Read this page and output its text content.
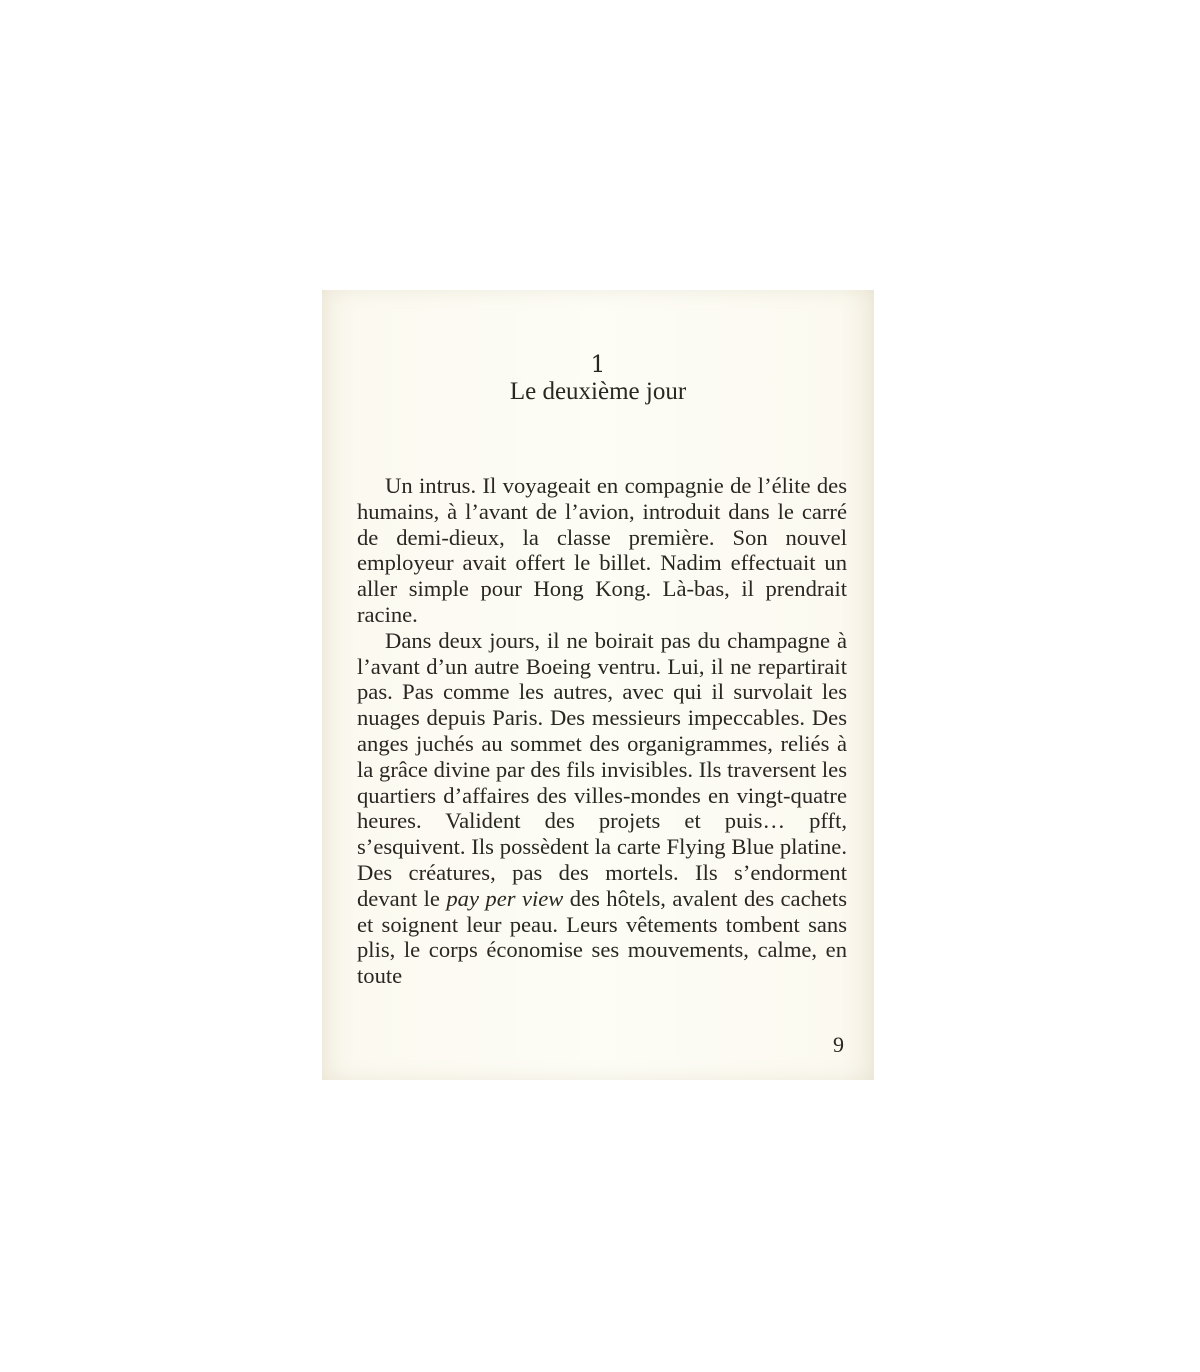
1
Le deuxième jour

Un intrus. Il voyageait en compagnie de l’élite des humains, à l’avant de l’avion, introduit dans le carré de demi-dieux, la classe première. Son nouvel employeur avait offert le billet. Nadim effectuait un aller simple pour Hong Kong. Là-bas, il prendrait racine.

Dans deux jours, il ne boirait pas du champagne à l’avant d’un autre Boeing ventru. Lui, il ne repartirait pas. Pas comme les autres, avec qui il survolait les nuages depuis Paris. Des messieurs impeccables. Des anges juchés au sommet des organigrammes, reliés à la grâce divine par des fils invisibles. Ils traversent les quartiers d’affaires des villes-mondes en vingt-quatre heures. Valident des projets et puis… pfft, s’esquivent. Ils possèdent la carte Flying Blue platine. Des créatures, pas des mortels. Ils s’endorment devant le pay per view des hôtels, avalent des cachets et soignent leur peau. Leurs vêtements tombent sans plis, le corps économise ses mouvements, calme, en toute

9
